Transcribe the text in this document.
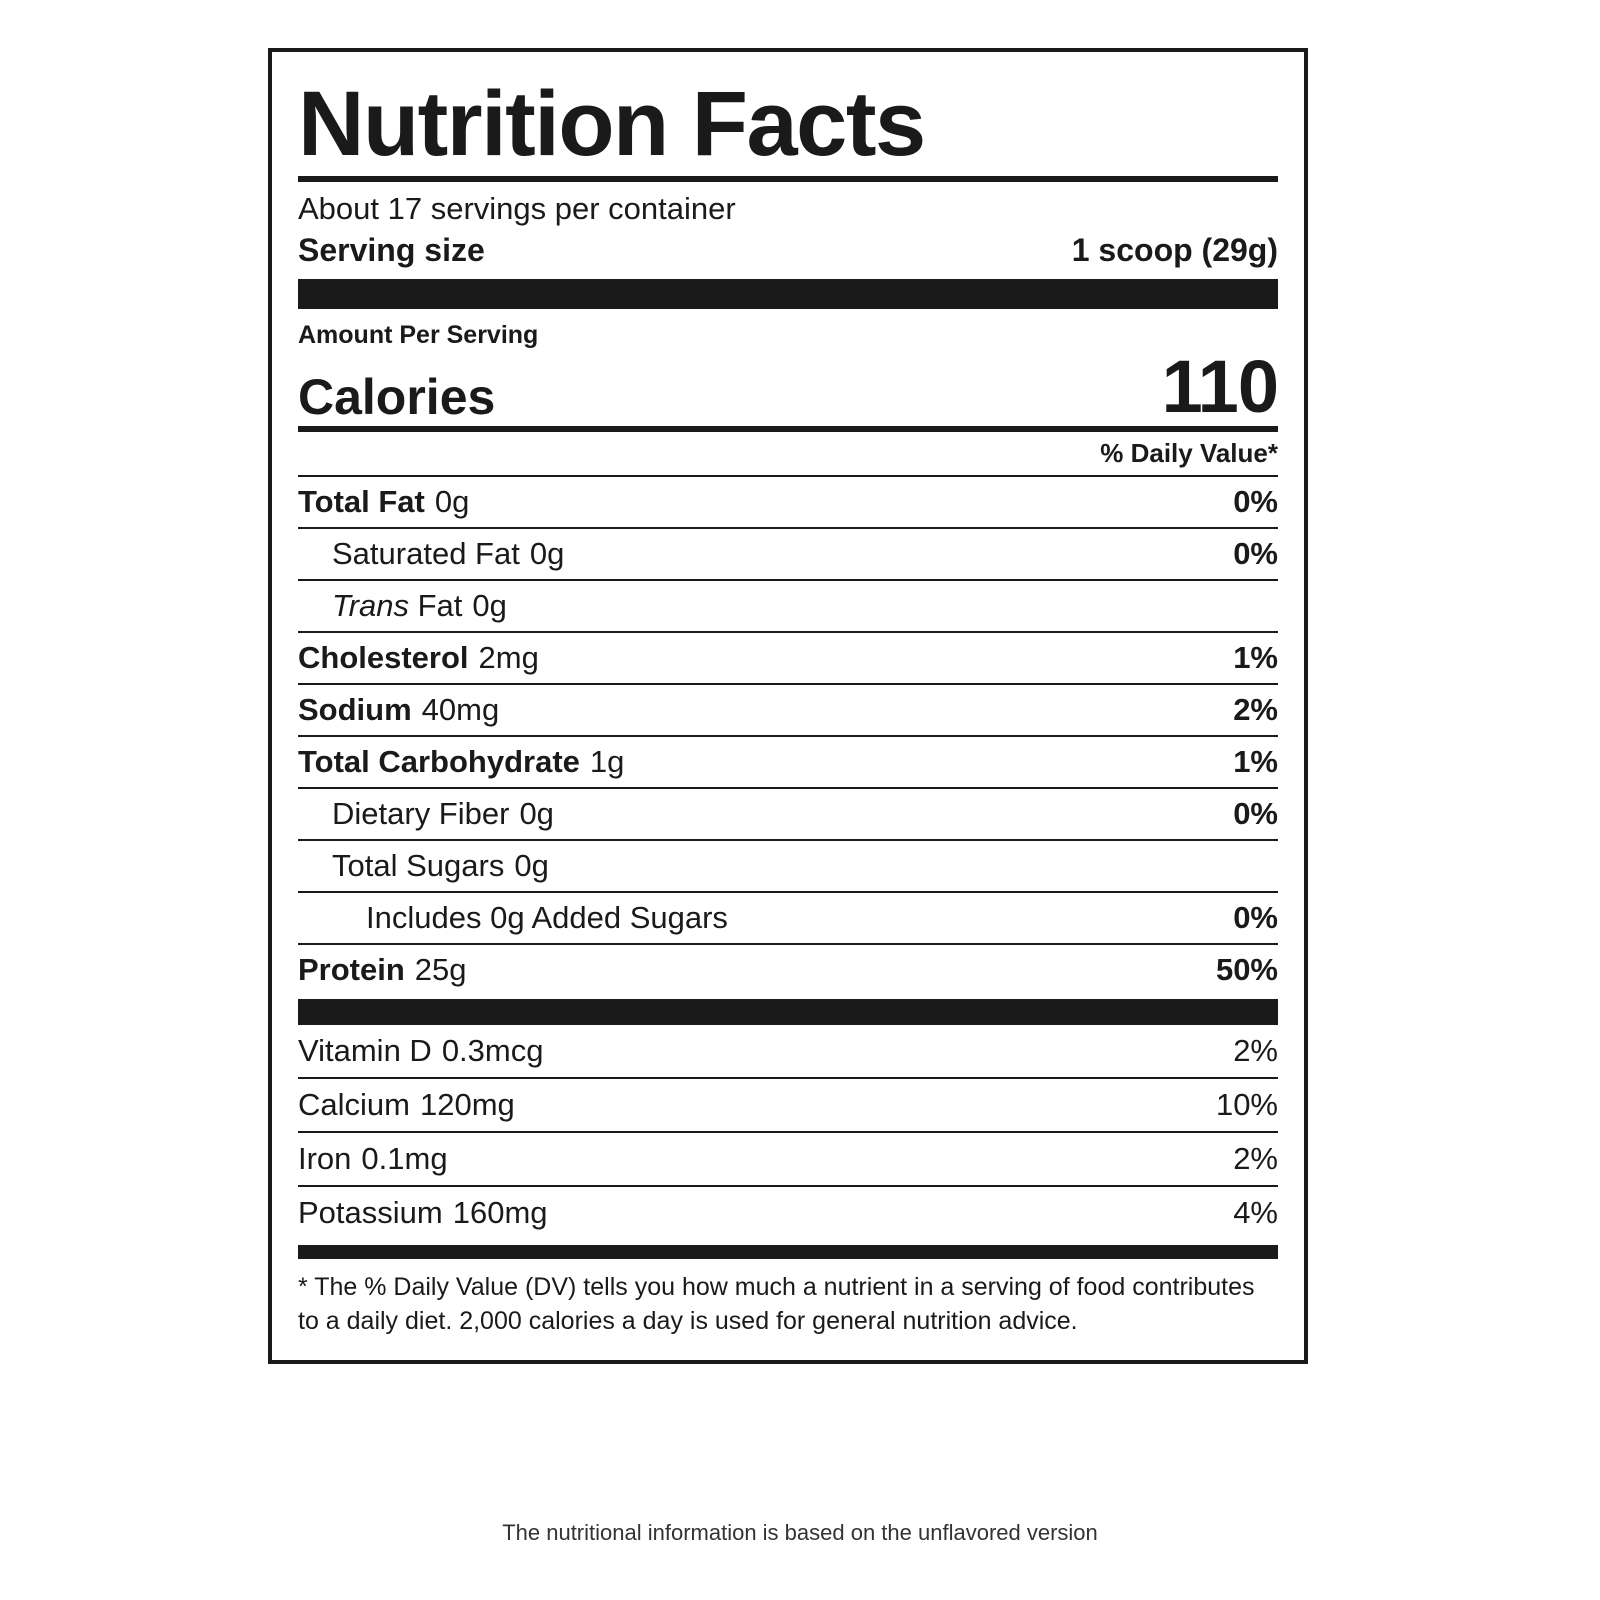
Nutrition Facts
About 17 servings per container
Serving size	1 scoop (29g)
Amount Per Serving
Calories	110
% Daily Value*
Total Fat 0g	0%
Saturated Fat 0g	0%
Trans Fat 0g
Cholesterol 2mg	1%
Sodium 40mg	2%
Total Carbohydrate 1g	1%
Dietary Fiber 0g	0%
Total Sugars 0g
Includes 0g Added Sugars	0%
Protein 25g	50%
Vitamin D 0.3mcg	2%
Calcium 120mg	10%
Iron 0.1mg	2%
Potassium 160mg	4%
* The % Daily Value (DV) tells you how much a nutrient in a serving of food contributes to a daily diet. 2,000 calories a day is used for general nutrition advice.
The nutritional information is based on the unflavored version
